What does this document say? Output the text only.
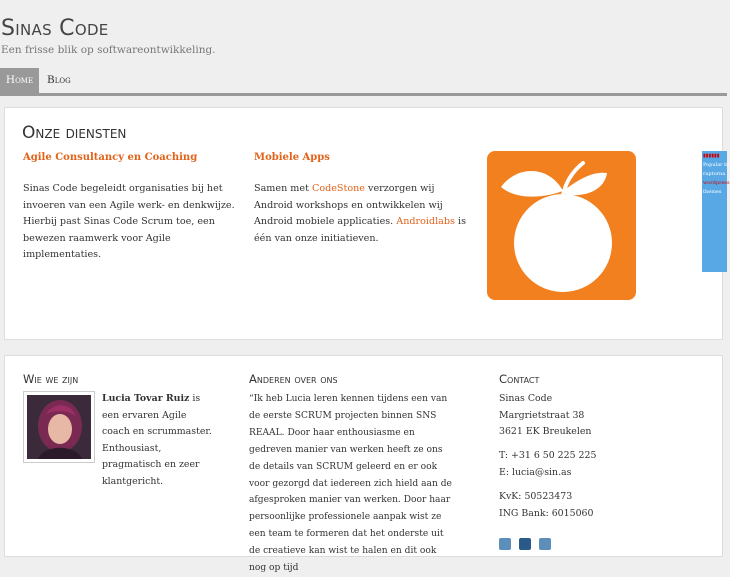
Sinas Code
Een frisse blik op softwareontwikkeling.
Home	Blog
Onze diensten
Agile Consultancy en Coaching
Sinas Code begeleidt organisaties bij het invoeren van een Agile werk- en denkwijze. Hierbij past Sinas Code Scrum toe, een bewezen raamwerk voor Agile implementaties.
Mobiele Apps
Samen met CodeStone verzorgen wij Android workshops en ontwikkelen wij Android mobiele applicaties. Androidlabs is één van onze initiatieven.
▮▮▮▮▮▮
Popular by
raptorna
wordpress
themes
Wie we zijn
Lucia Tovar Ruiz is een ervaren Agile coach en scrummaster. Enthousiast, pragmatisch en zeer klantgericht.
Anderen over ons
“Ik heb Lucia leren kennen tijdens een van de eerste SCRUM projecten binnen SNS REAAL. Door haar enthousiasme en gedreven manier van werken heeft ze ons de details van SCRUM geleerd en er ook voor gezorgd dat iedereen zich hield aan de afgesproken manier van werken. Door haar persoonlijke professionele aanpak wist ze een team te formeren dat het onderste uit de creatieve kan wist te halen en dit ook nog op tijd
Contact
Sinas Code
Margrietstraat 38
3621 EK Breukelen
T: +31 6 50 225 225
E: lucia@sin.as
KvK: 50523473
ING Bank: 6015060
